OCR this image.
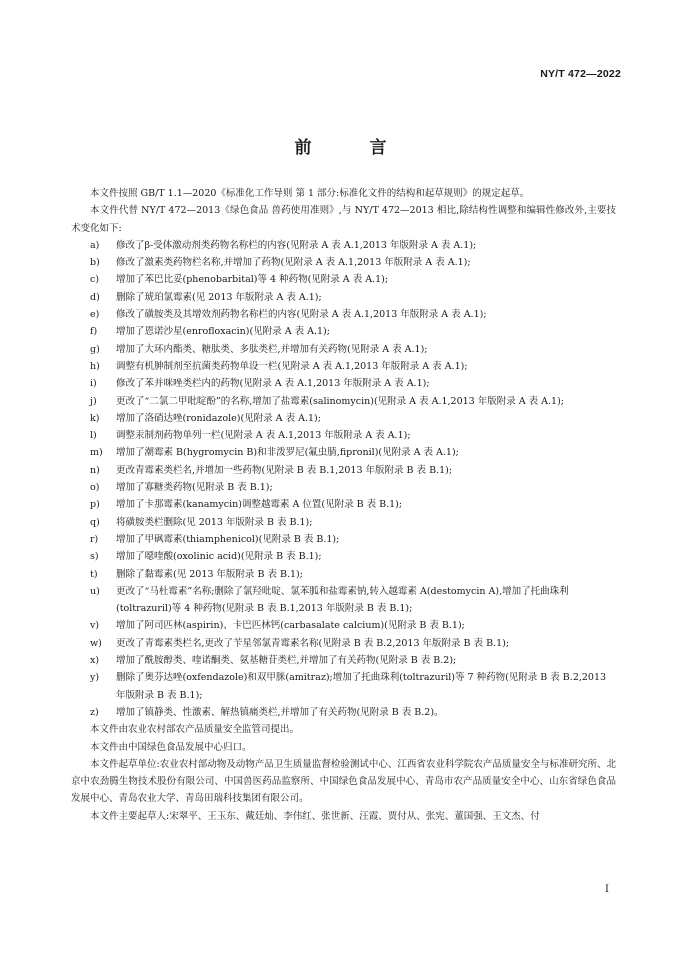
NY/T 472—2022
前 言

本文件按照 GB/T 1.1—2020《标准化工作导则 第 1 部分:标准化文件的结构和起草规则》的规定起草。

本文件代替 NY/T 472—2013《绿色食品 兽药使用准则》,与 NY/T 472—2013 相比,除结构性调整和编辑性修改外,主要技术变化如下:

a)	修改了β-受体激动剂类药物名称栏的内容(见附录 A 表 A.1,2013 年版附录 A 表 A.1);
b)	修改了激素类药物栏名称,并增加了药物(见附录 A 表 A.1,2013 年版附录 A 表 A.1);
c)	增加了苯巴比妥(phenobarbital)等 4 种药物(见附录 A 表 A.1);
d)	删除了琥珀氯霉素(见 2013 年版附录 A 表 A.1);
e)	修改了磺胺类及其增效剂药物名称栏的内容(见附录 A 表 A.1,2013 年版附录 A 表 A.1);
f)	增加了恩诺沙星(enrofloxacin)(见附录 A 表 A.1);
g)	增加了大环内酯类、糖肽类、多肽类栏,并增加有关药物(见附录 A 表 A.1);
h)	调整有机胂制剂至抗菌类药物单设一栏(见附录 A 表 A.1,2013 年版附录 A 表 A.1);
i)	修改了苯并咪唑类栏内的药物(见附录 A 表 A.1,2013 年版附录 A 表 A.1);
j)	更改了“二氯二甲吡啶酚”的名称,增加了盐霉素(salinomycin)(见附录 A 表 A.1,2013 年版附录 A 表 A.1);
k)	增加了洛硝达唑(ronidazole)(见附录 A 表 A.1);
l)	调整汞制剂药物单列一栏(见附录 A 表 A.1,2013 年版附录 A 表 A.1);
m)	增加了潮霉素 B(hygromycin B)和非泼罗尼(氟虫腈,fipronil)(见附录 A 表 A.1);
n)	更改青霉素类栏名,并增加一些药物(见附录 B 表 B.1,2013 年版附录 B 表 B.1);
o)	增加了寡糖类药物(见附录 B 表 B.1);
p)	增加了卡那霉素(kanamycin)调整越霉素 A 位置(见附录 B 表 B.1);
q)	将磺胺类栏删除(见 2013 年版附录 B 表 B.1);
r)	增加了甲砜霉素(thiamphenicol)(见附录 B 表 B.1);
s)	增加了噁喹酸(oxolinic acid)(见附录 B 表 B.1);
t)	删除了黏霉素(见 2013 年版附录 B 表 B.1);
u)	更改了“马杜霉素”名称;删除了氯羟吡啶、氯苯胍和盐霉素钠,转入越霉素 A(destomycin A),增加了托曲珠利(toltrazuril)等 4 种药物(见附录 B 表 B.1,2013 年版附录 B 表 B.1);
v)	增加了阿司匹林(aspirin)、卡巴匹林钙(carbasalate calcium)(见附录 B 表 B.1);
w)	更改了青霉素类栏名,更改了苄星邻氯青霉素名称(见附录 B 表 B.2,2013 年版附录 B 表 B.1);
x)	增加了酰胺醇类、喹诺酮类、氨基糖苷类栏,并增加了有关药物(见附录 B 表 B.2);
y)	删除了奥芬达唑(oxfendazole)和双甲脒(amitraz);增加了托曲珠利(toltrazuril)等 7 种药物(见附录 B 表 B.2,2013 年版附录 B 表 B.1);
z)	增加了镇静类、性激素、解热镇痛类栏,并增加了有关药物(见附录 B 表 B.2)。

本文件由农业农村部农产品质量安全监管司提出。

本文件由中国绿色食品发展中心归口。

本文件起草单位:农业农村部动物及动物产品卫生质量监督检验测试中心、江西省农业科学院农产品质量安全与标准研究所、北京中农劲腾生物技术股份有限公司、中国兽医药品监察所、中国绿色食品发展中心、青岛市农产品质量安全中心、山东省绿色食品发展中心、青岛农业大学、青岛田瑞科技集团有限公司。

本文件主要起草人:宋翠平、王玉东、戴廷灿、李伟红、张世新、汪霞、贾付从、张宪、董国强、王文杰、付

I
